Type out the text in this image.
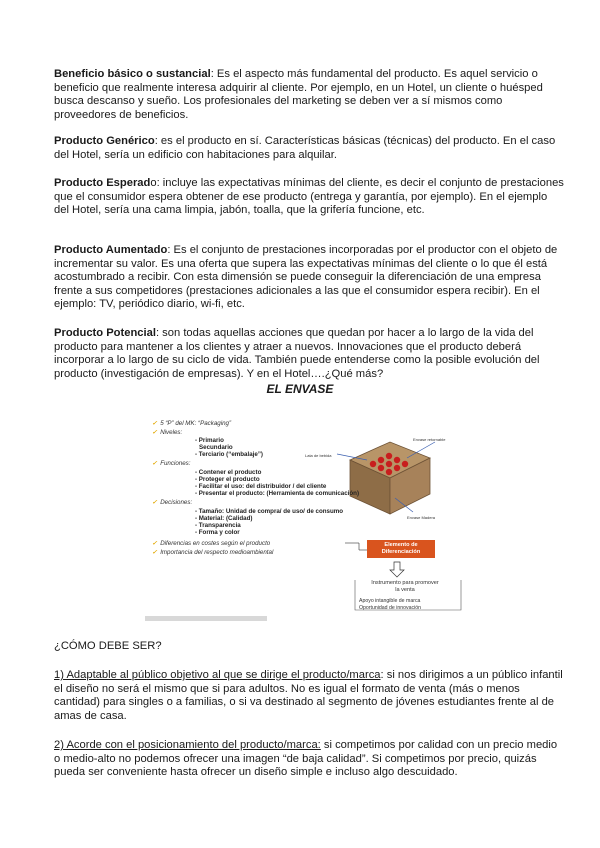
Beneficio básico o sustancial: Es el aspecto más fundamental del producto. Es aquel servicio o beneficio que realmente interesa adquirir al cliente. Por ejemplo, en un Hotel, un cliente o huésped busca descanso y sueño. Los profesionales del marketing se deben ver a sí mismos como proveedores de beneficios.

Producto Genérico: es el producto en sí. Características básicas (técnicas) del producto. En el caso del Hotel, sería un edificio con habitaciones para alquilar.

Producto Esperado: incluye las expectativas mínimas del cliente, es decir el conjunto de prestaciones que el consumidor espera obtener de ese producto (entrega y garantía, por ejemplo). En el ejemplo del Hotel, sería una cama limpia, jabón, toalla, que la grifería funcione, etc.

Producto Aumentado: Es el conjunto de prestaciones incorporadas por el productor con el objeto de incrementar su valor. Es una oferta que supera las expectativas mínimas del cliente o lo que él está acostumbrado a recibir. Con esta dimensión se puede conseguir la diferenciación de una empresa frente a sus competidores (prestaciones adicionales a las que el consumidor espera recibir). En el ejemplo: TV, periódico diario, wi-fi, etc.

Producto Potencial: son todas aquellas acciones que quedan por hacer a lo largo de la vida del producto para mantener a los clientes y atraer a nuevos. Innovaciones que el producto deberá incorporar a lo largo de su ciclo de vida. También puede entenderse como la posible evolución del producto (investigación de empresas). Y en el Hotel….¿Qué más?

EL ENVASE
✓ 5 “P” del MK: “Packaging”
✓ Niveles:
- Primario
Secundario
- Terciario (“embalaje”)
✓ Funciones:
- Contener el producto
- Proteger el producto
- Facilitar el uso: del distribuidor / del cliente
- Presentar el producto: (Herramienta de comunicación)
✓ Decisiones:
- Tamaño: Unidad de compra/ de uso/ de consumo
- Material: (Calidad)
- Transparencia
- Forma y color
✓ Diferencias en costes según el producto
✓ Importancia del respecto medioambiental
Elemento de Diferenciación
Instrumento para promover la venta
Apoyo intangible de marca Oportunidad de innovación
Lata de bebida
Envase retornable
Envase Madera

¿CÓMO DEBE SER?

1) Adaptable al público objetivo al que se dirige el producto/marca: si nos dirigimos a un público infantil el diseño no será el mismo que si para adultos. No es igual el formato de venta (más o menos cantidad) para singles o a familias, o si va destinado al segmento de jóvenes estudiantes frente al de amas de casa.

2) Acorde con el posicionamiento del producto/marca: si competimos por calidad con un precio medio o medio-alto no podemos ofrecer una imagen “de baja calidad”. Si competimos por precio, quizás pueda ser conveniente hasta ofrecer un diseño simple e incluso algo descuidado.
